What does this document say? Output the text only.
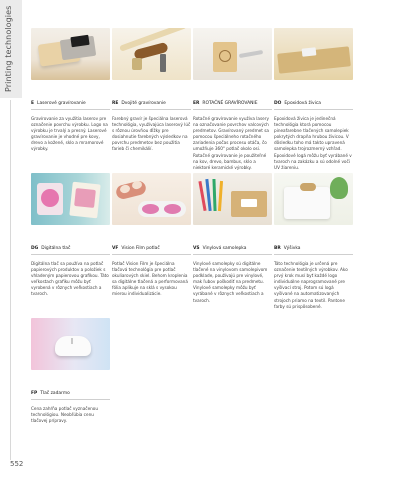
Printing technologies
E Laserové gravírovanie
Gravírovanie za využitia laserov pre označenie povrchu výrobku. Logo na výrobku je trvalý a presný. Laserové gravírovanie je vhodné pre kovy, drevo a kožené, sklo a mramorové výrobky.
RE Dvojité gravírovanie
Farebný gravír je špeciálna laserová technológia, využívajúca laserový lúč s rôznou úrovňou dĺžky pre dosiahnutie farebných výsledkov na povrchu predmetov bez použitia farieb či chemikálií.
ER ROTAČNÉ GRAVÍROVANIE
Rotačné gravírovanie využíva lasery na označovanie povrchov valcových predmetov. Gravírovaný predmet sa pomocou špeciálneho rotačného zariadenia počas procesu otáča, čo umožňuje 360° potlač okolo osi. Rotačné gravírovanie je použiteľné na kov, drevo, bambus, sklo a niektoré keramické výrobky.
DO Epoxidová živica
Epoxidová živica je jedinečná technológia ktorá pomocou pineafarebne tlačených samolepiek pokrytých drapňa hrubou živicou. V dôsledku toho má takto upravená samolepka trojrozmerný vzhľad. Epoxidové logá môžu byť vyrábané v tvaroch na zakázku a sú odolné voči UV žiareniu.
DG Digitálna tlač
Digitálna tlač sa používa na potlač papierových produktov a položiek s vhladeným papierovou grafikou. Táto veľkostach grafiku môžu byť vyrobená v rôznych veľkostiach a tvaroch.
VF Vision Film potlač
Potlač Vision Film je špeciálna tlačová technológia pre potlač okuliarových skiel. Behom kroplenia sa digitálne tlačená a performovaná fólia aplikuje na sklá s vysokou mierou individualizácie.
VS Vinylová samolepka
Vinylové samolepky sú digitálne tlačené na vinylovom samolepivom podklade, používajú pre vinylové, mak ľubov poškodiť na predmetu. Vinylové samolepky môžu byť vyrábané v rôznych veľkostiach a tvaroch.
BR Výšivka
Táto technológia je určená pre označenie textilných výrobkov. Ako prvý krok musí byť každé logo individuálne naprogramované pre vyšívací stroj. Potom sú logá vyšívané na automatizovaných strojoch priamo na textil. Pantone farby sú prispôsobené.
FP Tlač zadarmo
Cena zahŕňa potlač vyznačenou technológiou. Neobľúbia cenu tlačovej prípravy.
552
